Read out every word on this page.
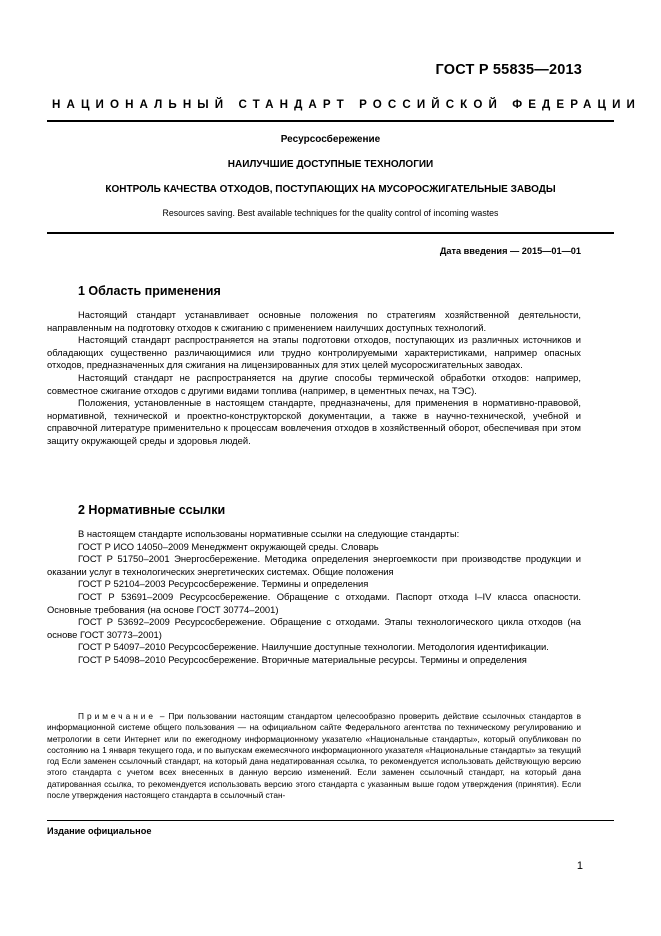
ГОСТ Р 55835—2013
НАЦИОНАЛЬНЫЙ СТАНДАРТ РОССИЙСКОЙ ФЕДЕРАЦИИ
Ресурсосбережение
НАИЛУЧШИЕ ДОСТУПНЫЕ ТЕХНОЛОГИИ
КОНТРОЛЬ КАЧЕСТВА ОТХОДОВ, ПОСТУПАЮЩИХ НА МУСОРОСЖИГАТЕЛЬНЫЕ ЗАВОДЫ
Resources saving. Best available techniques for the quality control of incoming wastes
Дата введения — 2015—01—01
1 Область применения

Настоящий стандарт устанавливает основные положения по стратегиям хозяйственной деятельности, направленным на подготовку отходов к сжиганию с применением наилучших доступных технологий.

Настоящий стандарт распространяется на этапы подготовки отходов, поступающих из различных источников и обладающих существенно различающимися или трудно контролируемыми характеристиками, например опасных отходов, предназначенных для сжигания на лицензированных для этих целей мусоросжигательных заводах.

Настоящий стандарт не распространяется на другие способы термической обработки отходов: например, совместное сжигание отходов с другими видами топлива (например, в цементных печах, на ТЭС).

Положения, установленные в настоящем стандарте, предназначены, для применения в нормативно-правовой, нормативной, технической и проектно-конструкторской документации, а также в научно-технической, учебной и справочной литературе применительно к процессам вовлечения отходов в хозяйственный оборот, обеспечивая при этом защиту окружающей среды и здоровья людей.

2 Нормативные ссылки

В настоящем стандарте использованы нормативные ссылки на следующие стандарты:

ГОСТ Р ИСО 14050–2009 Менеджмент окружающей среды. Словарь

ГОСТ Р 51750–2001 Энергосбережение. Методика определения энергоемкости при производстве продукции и оказании услуг в технологических энергетических системах. Общие положения

ГОСТ Р 52104–2003 Ресурсосбережение. Термины и определения

ГОСТ Р 53691–2009 Ресурсосбережение. Обращение с отходами. Паспорт отхода I–IV класса опасности. Основные требования (на основе ГОСТ 30774–2001)

ГОСТ Р 53692–2009 Ресурсосбережение. Обращение с отходами. Этапы технологического цикла отходов (на основе ГОСТ 30773–2001)

ГОСТ Р 54097–2010 Ресурсосбережение. Наилучшие доступные технологии. Методология идентификации.

ГОСТ Р 54098–2010 Ресурсосбережение. Вторичные материальные ресурсы. Термины и определения

Примечание – При пользовании настоящим стандартом целесообразно проверить действие ссылочных стандартов в информационной системе общего пользования — на официальном сайте Федерального агентства по техническому регулированию и метрологии в сети Интернет или по ежегодному информационному указателю «Национальные стандарты», который опубликован по состоянию на 1 января текущего года, и по выпускам ежемесячного информационного указателя «Национальные стандарты» за текущий год Если заменен ссылочный стандарт, на который дана недатированная ссылка, то рекомендуется использовать действующую версию этого стандарта с учетом всех внесенных в данную версию изменений. Если заменен ссылочный стандарт, на который дана датированная ссылка, то рекомендуется использовать версию этого стандарта с указанным выше годом утверждения (принятия). Если после утверждения настоящего стандарта в ссылочный стан-

Издание официальное
1
